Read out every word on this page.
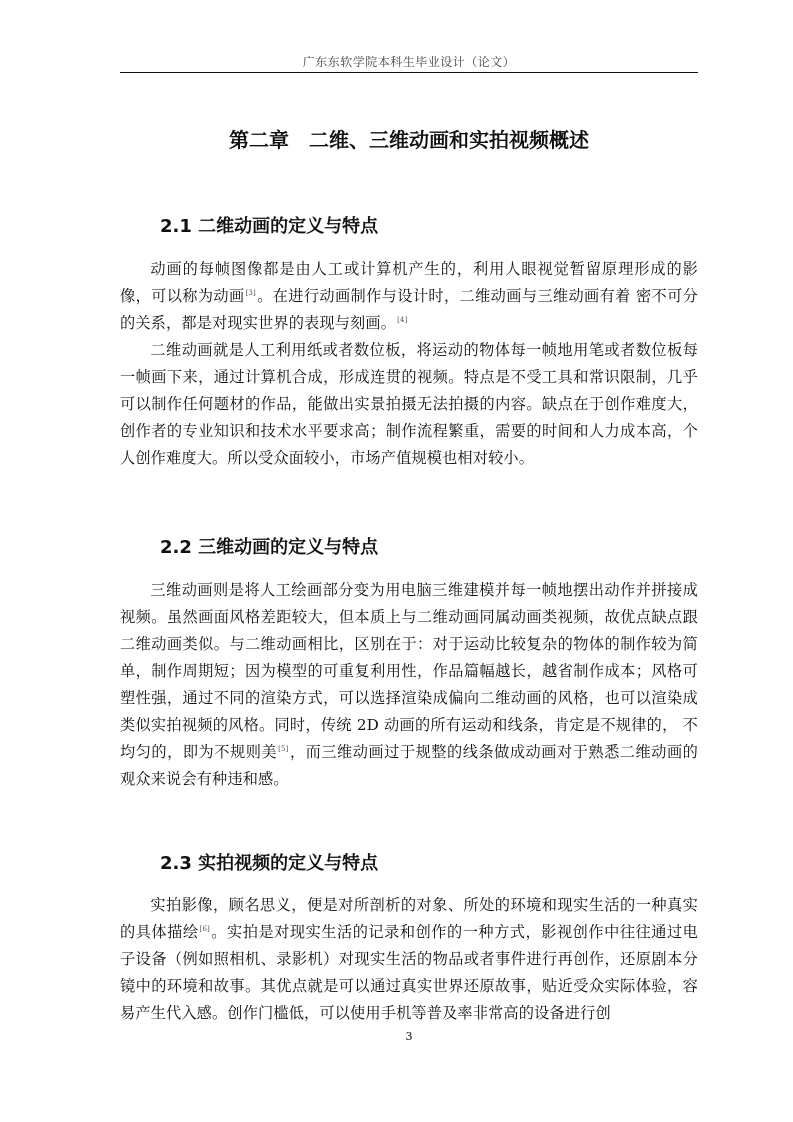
广东东软学院本科生毕业设计（论文）
第二章 二维、三维动画和实拍视频概述
2.1 二维动画的定义与特点

动画的每帧图像都是由人工或计算机产生的，利用人眼视觉暂留原理形成的影像，可以称为动画[3]。在进行动画制作与设计时，二维动画与三维动画有着 密不可分的关系，都是对现实世界的表现与刻画。[4]

二维动画就是人工利用纸或者数位板，将运动的物体每一帧地用笔或者数位板每一帧画下来，通过计算机合成，形成连贯的视频。特点是不受工具和常识限制，几乎可以制作任何题材的作品，能做出实景拍摄无法拍摄的内容。缺点在于创作难度大，创作者的专业知识和技术水平要求高；制作流程繁重，需要的时间和人力成本高，个人创作难度大。所以受众面较小，市场产值规模也相对较小。

2.2 三维动画的定义与特点

三维动画则是将人工绘画部分变为用电脑三维建模并每一帧地摆出动作并拼接成视频。虽然画面风格差距较大，但本质上与二维动画同属动画类视频，故优点缺点跟二维动画类似。与二维动画相比，区别在于：对于运动比较复杂的物体的制作较为简单，制作周期短；因为模型的可重复利用性，作品篇幅越长，越省制作成本；风格可塑性强，通过不同的渲染方式，可以选择渲染成偏向二维动画的风格，也可以渲染成类似实拍视频的风格。同时，传统 2D 动画的所有运动和线条，肯定是不规律的， 不均匀的，即为不规则美[5]，而三维动画过于规整的线条做成动画对于熟悉二维动画的观众来说会有种违和感。

2.3 实拍视频的定义与特点

实拍影像，顾名思义，便是对所剖析的对象、所处的环境和现实生活的一种真实的具体描绘[6]。实拍是对现实生活的记录和创作的一种方式，影视创作中往往通过电子设备（例如照相机、录影机）对现实生活的物品或者事件进行再创作，还原剧本分镜中的环境和故事。其优点就是可以通过真实世界还原故事，贴近受众实际体验，容易产生代入感。创作门槛低，可以使用手机等普及率非常高的设备进行创

3
